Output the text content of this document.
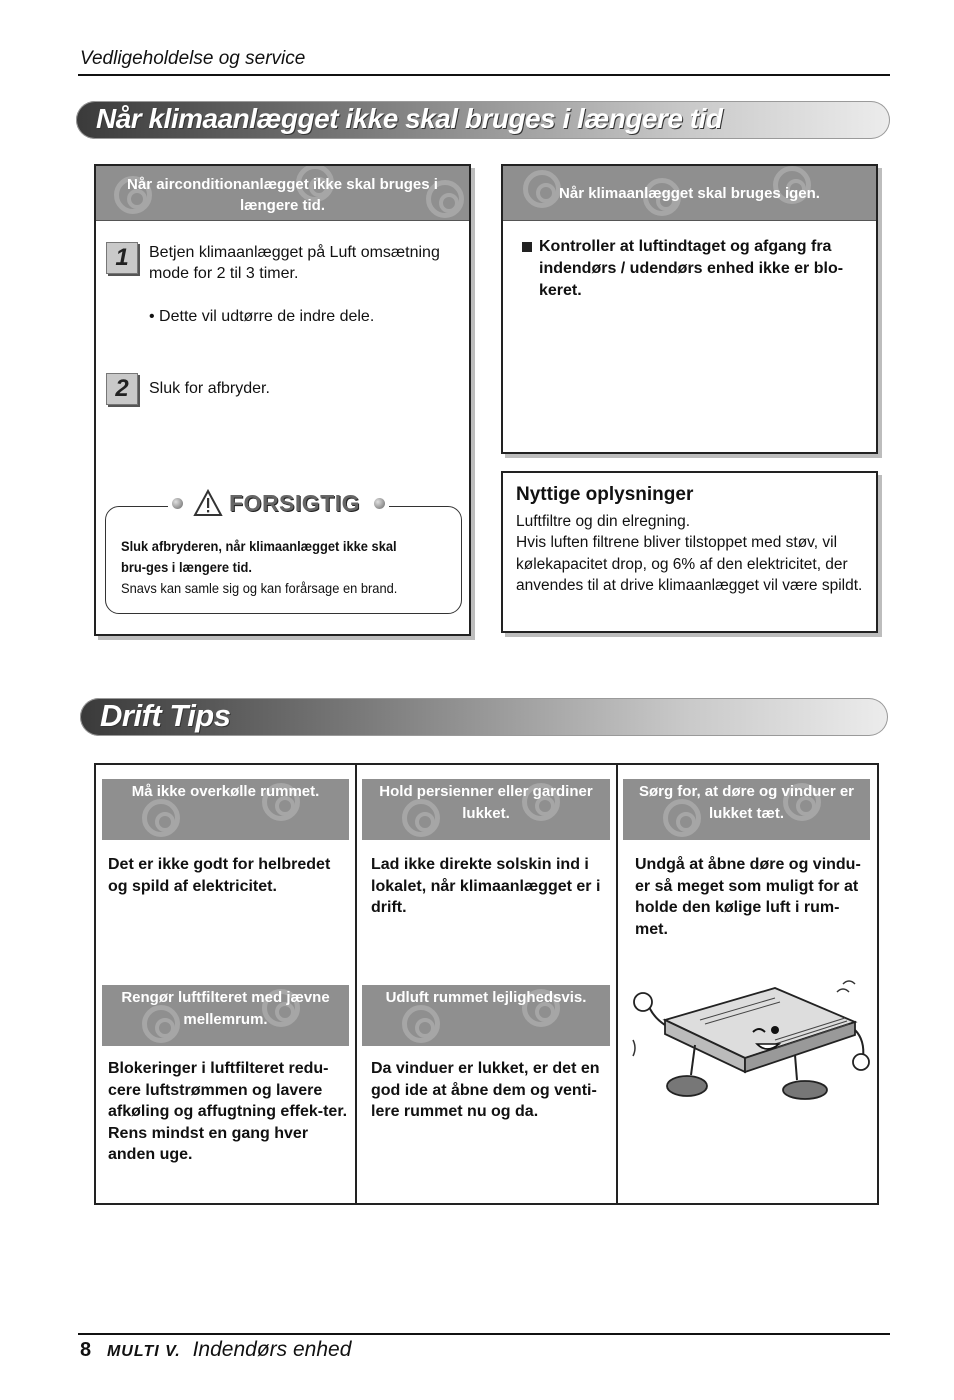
Vedligeholdelse og service
Når klimaanlægget ikke skal bruges i længere tid
Når airconditionanlægget ikke skal bruges i længere tid.
1	Betjen klimaanlægget på Luft omsætning mode for 2 til 3 timer.
• Dette vil udtørre de indre dele.
2	Sluk for afbryder.
FORSIGTIG
Sluk afbryderen, når klimaanlægget ikke skal bru-ges i længere tid.
Snavs kan samle sig og kan forårsage en brand.
Når klimaanlægget skal bruges igen.
Kontroller at luftindtaget og afgang fra indendørs / udendørs enhed ikke er blo-keret.
Nyttige oplysninger
Luftfiltre og din elregning.
Hvis luften filtrene bliver tilstoppet med støv, vil kølekapacitet drop, og 6% af den elektricitet, der anvendes til at drive klimaanlægget vil være spildt.
Drift Tips
Må ikke overkølle rummet.
Det er ikke godt for helbredet og spild af elektricitet.
Hold persienner eller gardiner lukket.
Lad ikke direkte solskin ind i lokalet, når klimaanlægget er i drift.
Sørg for, at døre og vinduer er lukket tæt.
Undgå at åbne døre og vindu-er så meget som muligt for at holde den kølige luft i rum-met.
Rengør luftfilteret med jævne mellemrum.
Blokeringer i luftfilteret redu-cere luftstrømmen og lavere afkøling og affugtning effek-ter. Rens mindst en gang hver anden uge.
Udluft rummet lejlighedsvis.
Da vinduer er lukket, er det en god ide at åbne dem og venti-lere rummet nu og da.
8 MULTI V. Indendørs enhed
